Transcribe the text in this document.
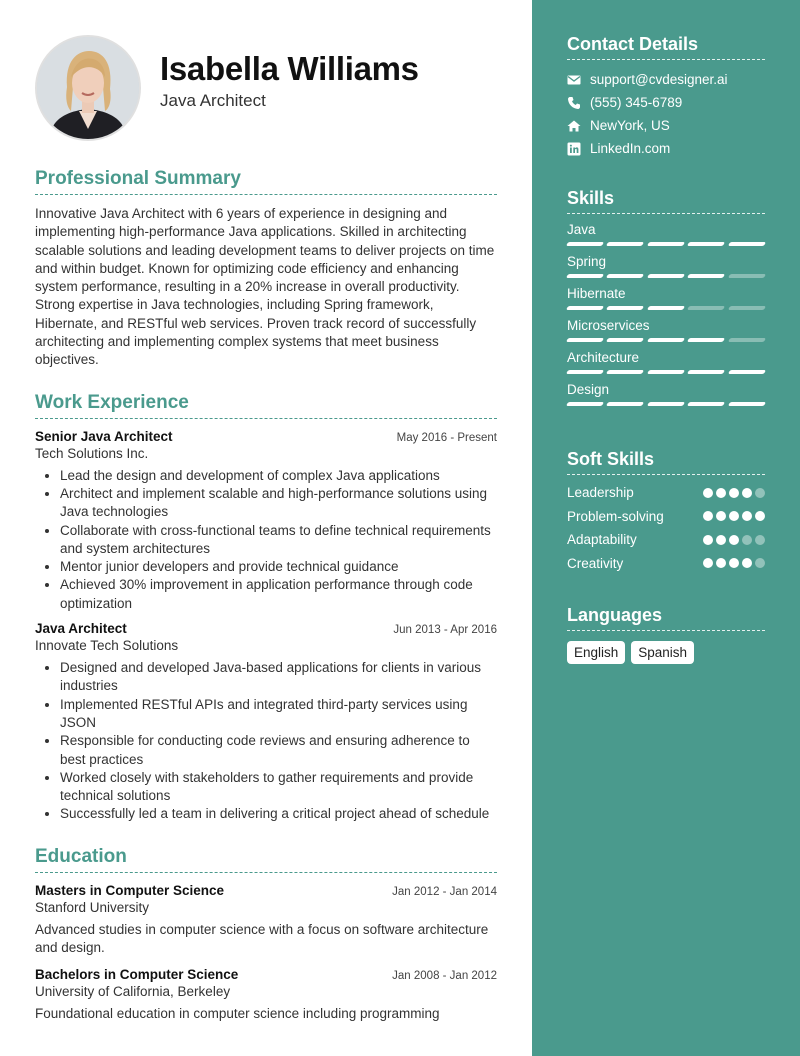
Isabella Williams
Java Architect
Professional Summary

Innovative Java Architect with 6 years of experience in designing and implementing high-performance Java applications. Skilled in architecting scalable solutions and leading development teams to deliver projects on time and within budget. Known for optimizing code efficiency and enhancing system performance, resulting in a 20% increase in overall productivity. Strong expertise in Java technologies, including Spring framework, Hibernate, and RESTful web services. Proven track record of successfully architecting and implementing complex systems that meet business objectives.

Work Experience
Senior Java Architect	May 2016 - Present
Tech Solutions Inc.
• Lead the design and development of complex Java applications
• Architect and implement scalable and high-performance solutions using Java technologies
• Collaborate with cross-functional teams to define technical requirements and system architectures
• Mentor junior developers and provide technical guidance
• Achieved 30% improvement in application performance through code optimization
Java Architect	Jun 2013 - Apr 2016
Innovate Tech Solutions
• Designed and developed Java-based applications for clients in various industries
• Implemented RESTful APIs and integrated third-party services using JSON
• Responsible for conducting code reviews and ensuring adherence to best practices
• Worked closely with stakeholders to gather requirements and provide technical solutions
• Successfully led a team in delivering a critical project ahead of schedule
Education
Masters in Computer Science	Jan 2012 - Jan 2014
Stanford University
Advanced studies in computer science with a focus on software architecture and design.
Bachelors in Computer Science	Jan 2008 - Jan 2012
University of California, Berkeley
Foundational education in computer science including programming
Contact Details
support@cvdesigner.ai
(555) 345-6789
NewYork, US
LinkedIn.com
Skills
Java
Spring
Hibernate
Microservices
Architecture
Design
Soft Skills
Leadership
Problem-solving
Adaptability
Creativity
Languages
English	Spanish
